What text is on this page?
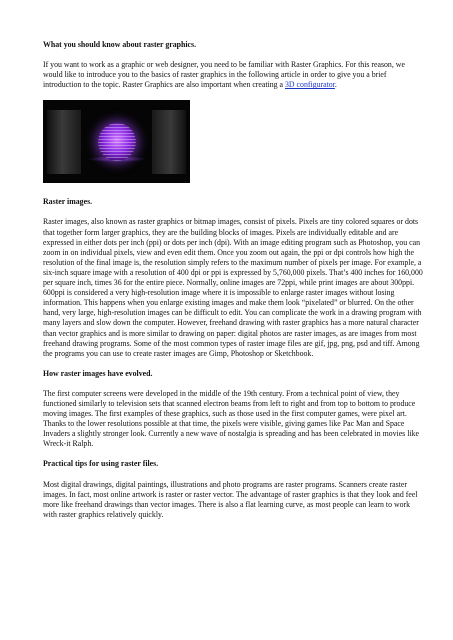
What you should know about raster graphics.

If you want to work as a graphic or web designer, you need to be familiar with Raster Graphics. For this reason, we would like to introduce you to the basics of raster graphics in the following article in order to give you a brief introduction to the topic. Raster Graphics are also important when creating a 3D configurator.

Raster images.

Raster images, also known as raster graphics or bitmap images, consist of pixels. Pixels are tiny colored squares or dots that together form larger graphics, they are the building blocks of images. Pixels are individually editable and are expressed in either dots per inch (ppi) or dots per inch (dpi). With an image editing program such as Photoshop, you can zoom in on individual pixels, view and even edit them. Once you zoom out again, the ppi or dpi controls how high the resolution of the final image is, the resolution simply refers to the maximum number of pixels per image. For example, a six-inch square image with a resolution of 400 dpi or ppi is expressed by 5,760,000 pixels. That’s 400 inches for 160,000 per square inch, times 36 for the entire piece. Normally, online images are 72ppi, while print images are about 300ppi. 600ppi is considered a very high-resolution image where it is impossible to enlarge raster images without losing information. This happens when you enlarge existing images and make them look “pixelated” or blurred. On the other hand, very large, high-resolution images can be difficult to edit. You can complicate the work in a drawing program with many layers and slow down the computer. However, freehand drawing with raster graphics has a more natural character than vector graphics and is more similar to drawing on paper: digital photos are raster images, as are images from most freehand drawing programs. Some of the most common types of raster image files are gif, jpg, png, psd and tiff. Among the programs you can use to create raster images are Gimp, Photoshop or Sketchbook.

How raster images have evolved.

The first computer screens were developed in the middle of the 19th century. From a technical point of view, they functioned similarly to television sets that scanned electron beams from left to right and from top to bottom to produce moving images. The first examples of these graphics, such as those used in the first computer games, were pixel art. Thanks to the lower resolutions possible at that time, the pixels were visible, giving games like Pac Man and Space Invaders a slightly stronger look. Currently a new wave of nostalgia is spreading and has been celebrated in movies like Wreck-it Ralph.

Practical tips for using raster files.

Most digital drawings, digital paintings, illustrations and photo programs are raster programs. Scanners create raster images. In fact, most online artwork is raster or raster vector. The advantage of raster graphics is that they look and feel more like freehand drawings than vector images. There is also a flat learning curve, as most people can learn to work with raster graphics relatively quickly.
